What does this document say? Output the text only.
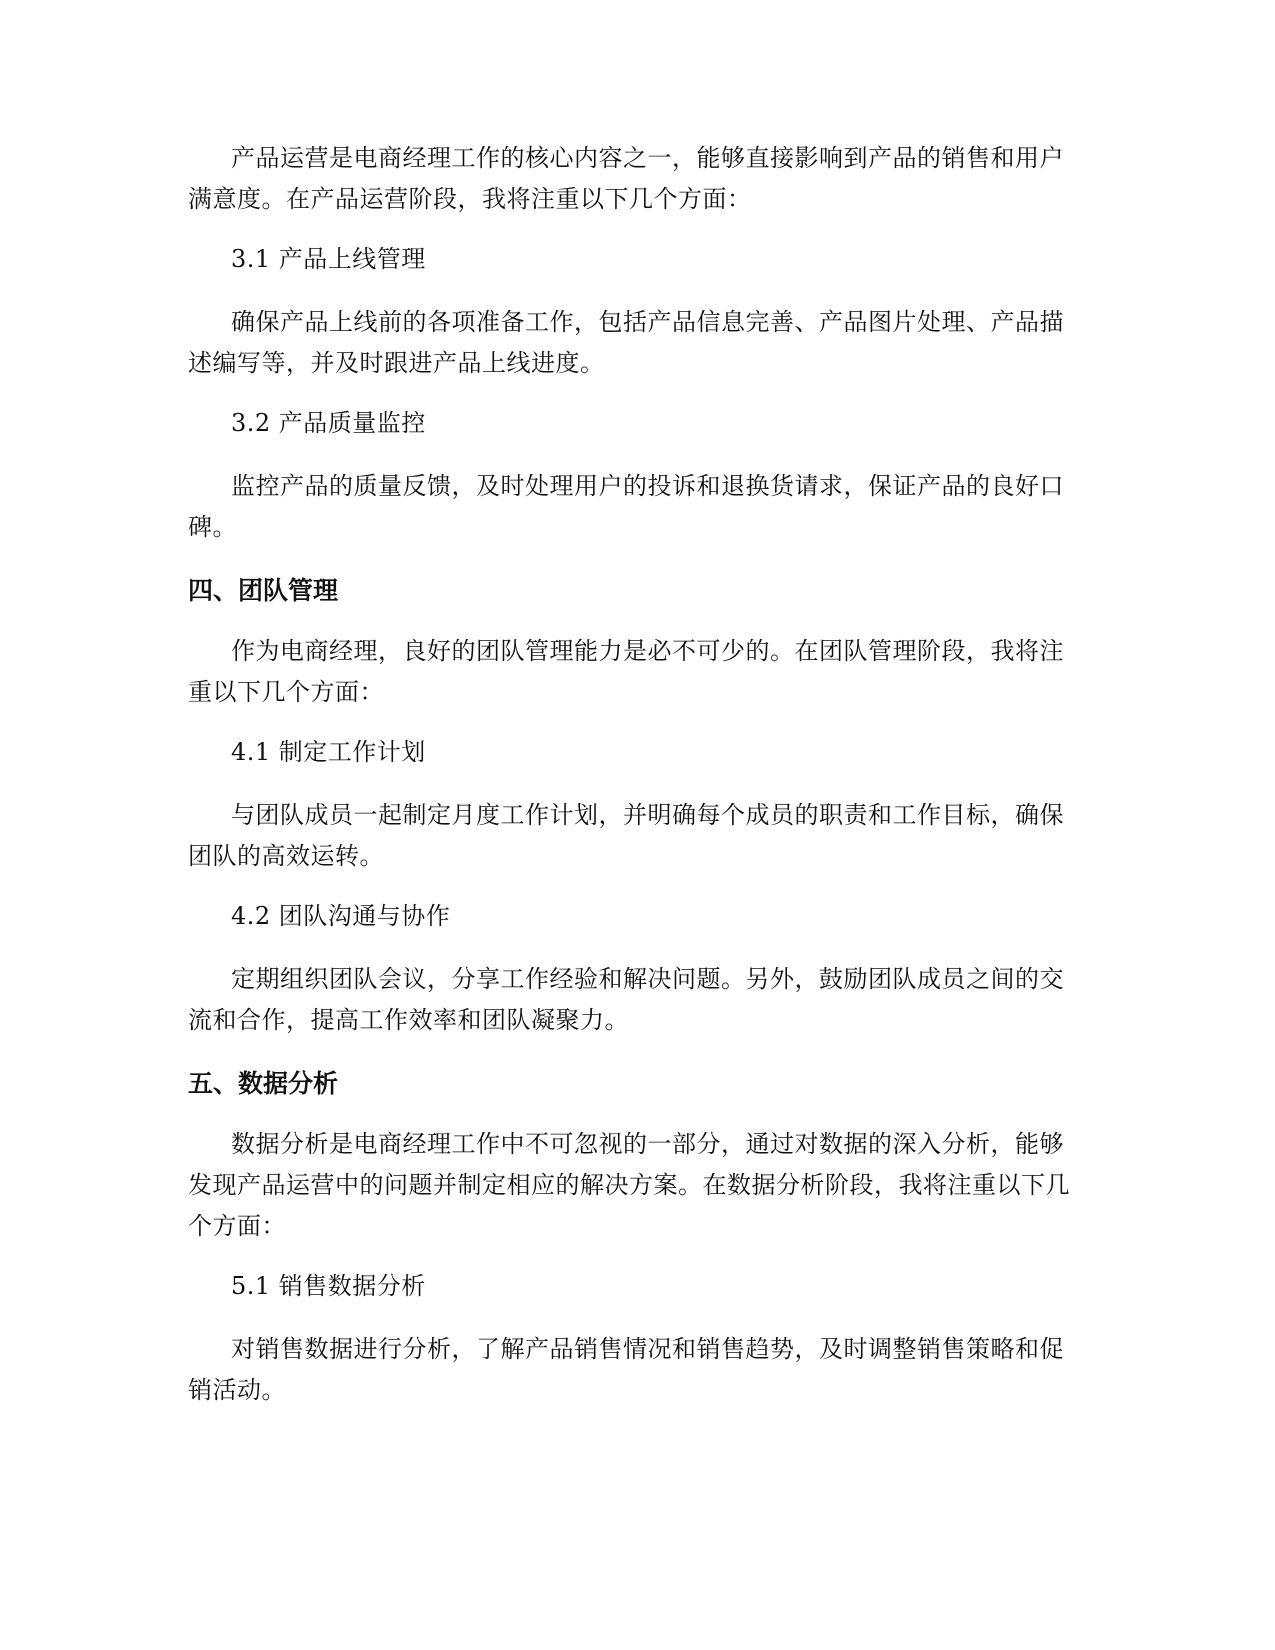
产品运营是电商经理工作的核心内容之一，能够直接影响到产品的销售和用户
满意度。在产品运营阶段，我将注重以下几个方面：
3.1 产品上线管理
确保产品上线前的各项准备工作，包括产品信息完善、产品图片处理、产品描
述编写等，并及时跟进产品上线进度。
3.2 产品质量监控
监控产品的质量反馈，及时处理用户的投诉和退换货请求，保证产品的良好口
碑。
四、团队管理
作为电商经理，良好的团队管理能力是必不可少的。在团队管理阶段，我将注
重以下几个方面：
4.1 制定工作计划
与团队成员一起制定月度工作计划，并明确每个成员的职责和工作目标，确保
团队的高效运转。
4.2 团队沟通与协作
定期组织团队会议，分享工作经验和解决问题。另外，鼓励团队成员之间的交
流和合作，提高工作效率和团队凝聚力。
五、数据分析
数据分析是电商经理工作中不可忽视的一部分，通过对数据的深入分析，能够
发现产品运营中的问题并制定相应的解决方案。在数据分析阶段，我将注重以下几
个方面：
5.1 销售数据分析
对销售数据进行分析，了解产品销售情况和销售趋势，及时调整销售策略和促
销活动。
